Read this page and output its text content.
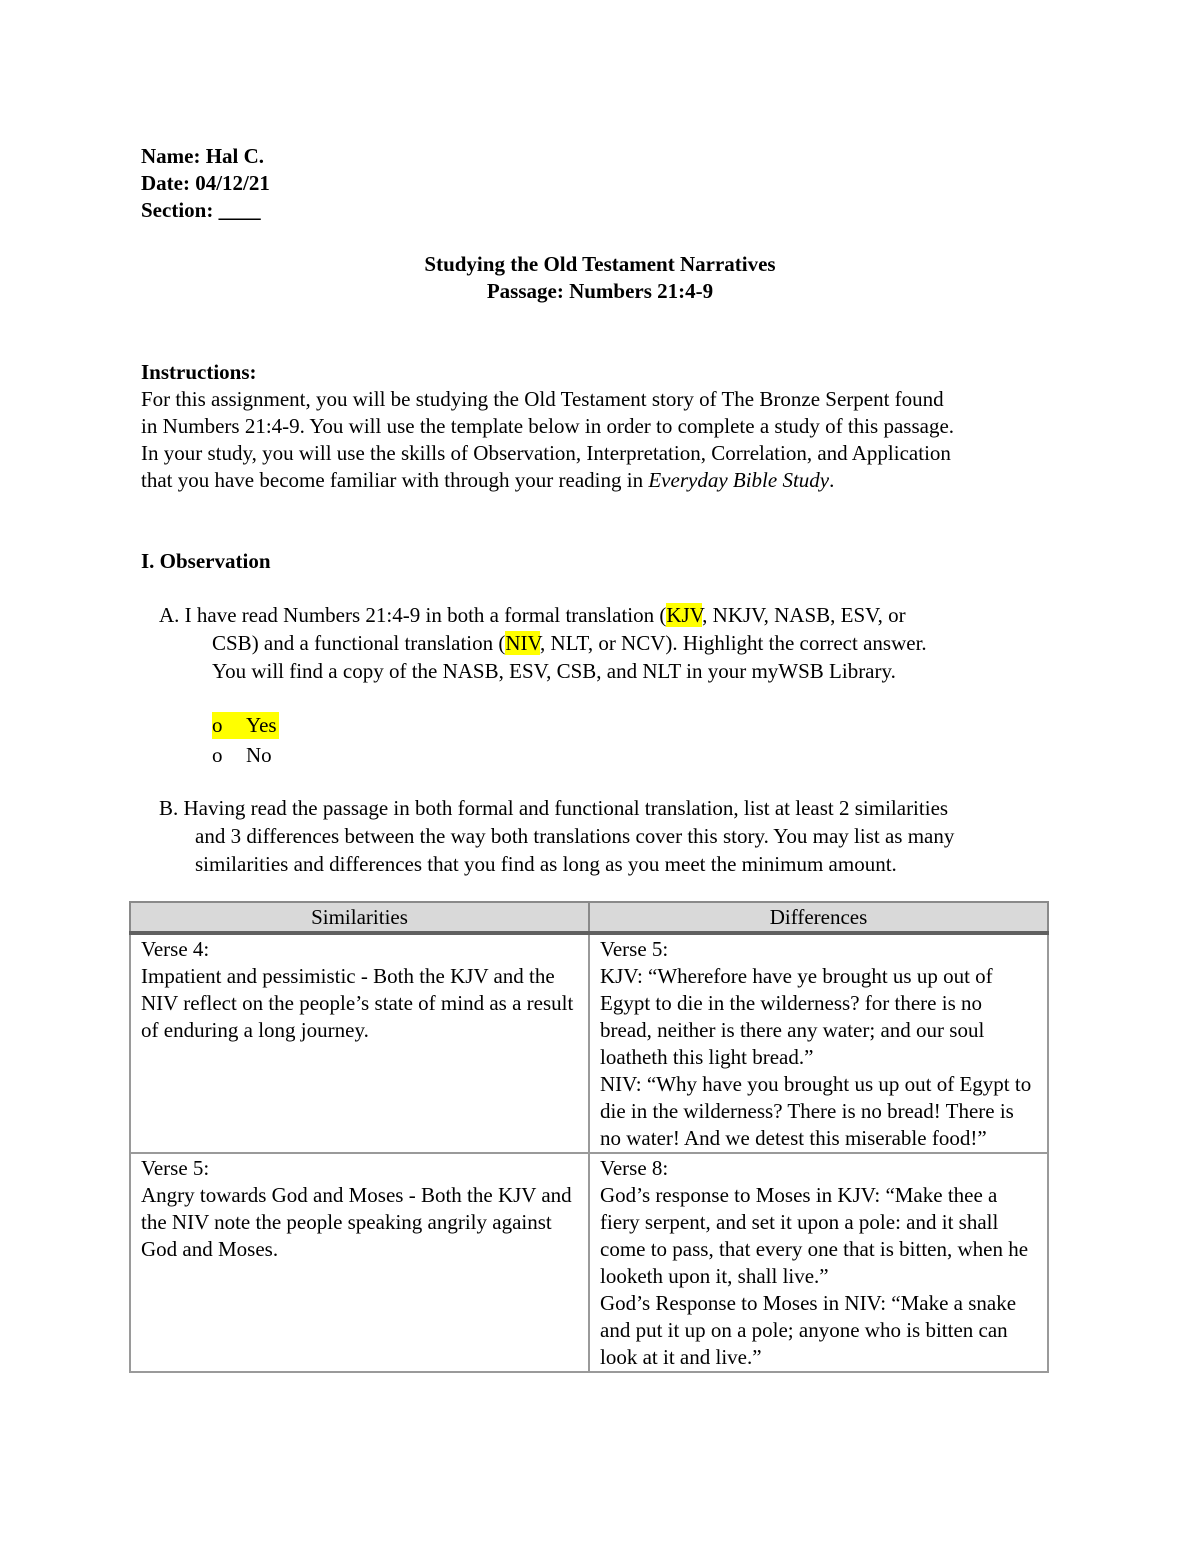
Name: Hal C.
Date: 04/12/21
Section: ____
Studying the Old Testament Narratives
Passage: Numbers 21:4-9
Instructions:
For this assignment, you will be studying the Old Testament story of The Bronze Serpent found
in Numbers 21:4-9. You will use the template below in order to complete a study of this passage.
In your study, you will use the skills of Observation, Interpretation, Correlation, and Application
that you have become familiar with through your reading in Everyday Bible Study.
I. Observation
A. I have read Numbers 21:4-9 in both a formal translation (KJV, NKJV, NASB, ESV, or
CSB) and a functional translation (NIV, NLT, or NCV). Highlight the correct answer.
You will find a copy of the NASB, ESV, CSB, and NLT in your myWSB Library.
o	Yes
o	No
B. Having read the passage in both formal and functional translation, list at least 2 similarities
and 3 differences between the way both translations cover this story. You may list as many
similarities and differences that you find as long as you meet the minimum amount.
Similarities	Differences

Verse 4:
Impatient and pessimistic - Both the KJV and the NIV reflect on the people’s state of mind as a result of enduring a long journey.	Verse 5:
KJV: “Wherefore have ye brought us up out of Egypt to die in the wilderness? for there is no bread, neither is there any water; and our soul loatheth this light bread.”
NIV: “Why have you brought us up out of Egypt to die in the wilderness? There is no bread! There is no water! And we detest this miserable food!”

Verse 5:
Angry towards God and Moses - Both the KJV and the NIV note the people speaking angrily against God and Moses.	Verse 8:
God’s response to Moses in KJV: “Make thee a fiery serpent, and set it upon a pole: and it shall come to pass, that every one that is bitten, when he looketh upon it, shall live.”
God’s Response to Moses in NIV: “Make a snake and put it up on a pole; anyone who is bitten can look at it and live.”
